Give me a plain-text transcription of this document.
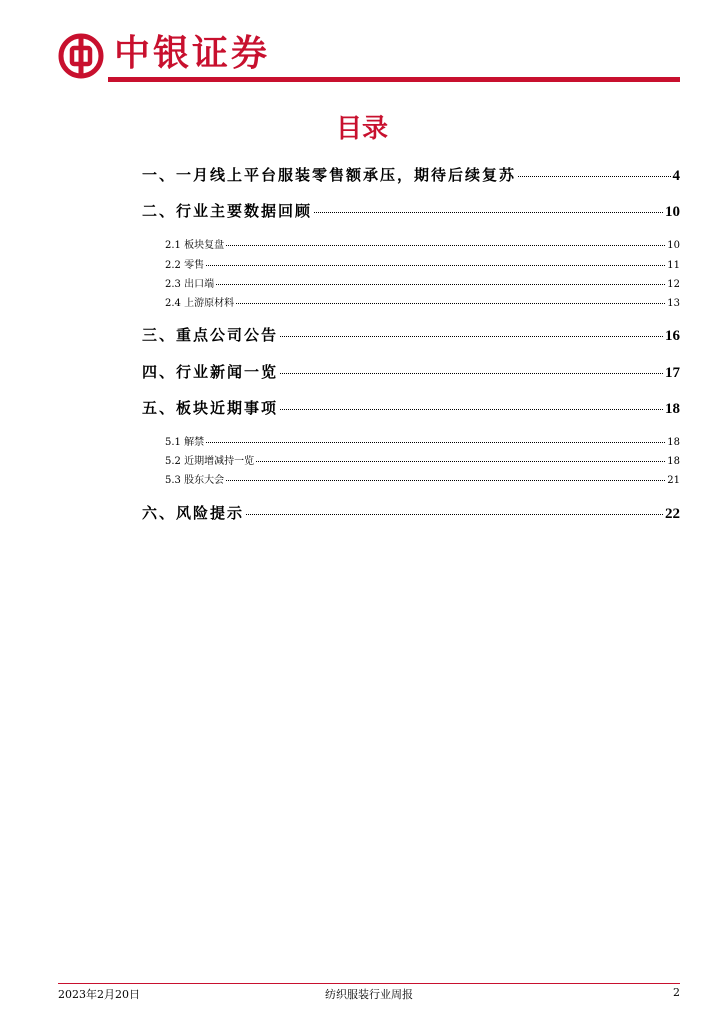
中银证券
目录
一、一月线上平台服装零售额承压，期待后续复苏	4
二、行业主要数据回顾	10
2.1 板块复盘	10
2.2 零售	11
2.3 出口端	12
2.4 上游原材料	13
三、重点公司公告	16
四、行业新闻一览	17
五、板块近期事项	18
5.1 解禁	18
5.2 近期增减持一览	18
5.3 股东大会	21
六、风险提示	22
2023年2月20日	纺织服装行业周报	2
